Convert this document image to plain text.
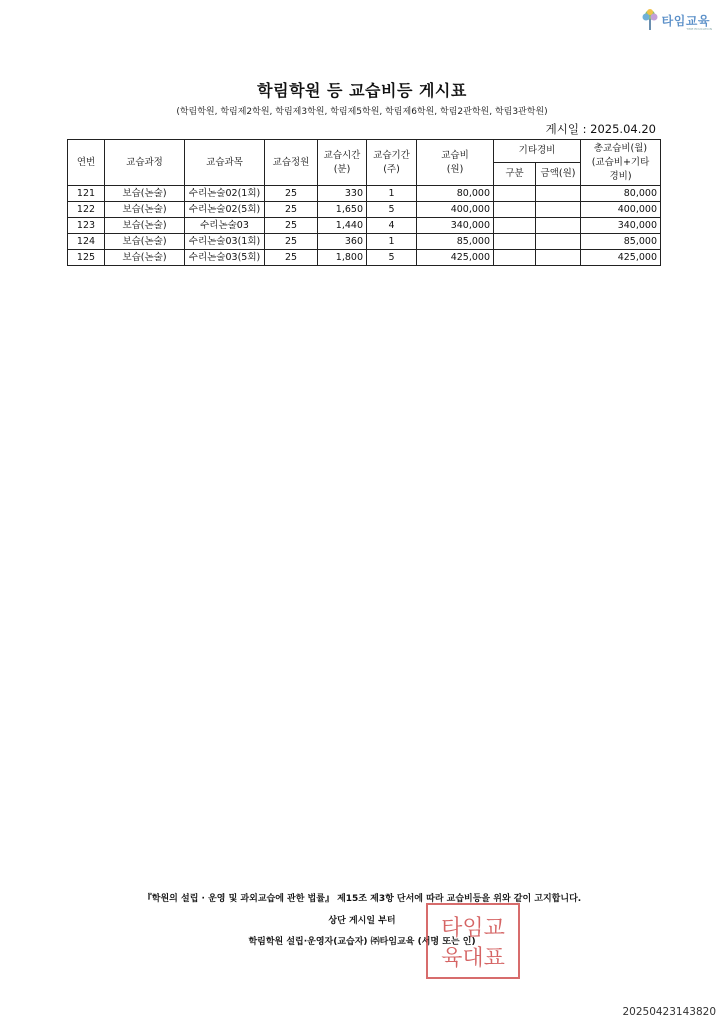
타임교육
TIME EDUCATION
학림학원 등 교습비등 게시표
(학림학원, 학림제2학원, 학림제3학원, 학림제5학원, 학림제6학원, 학림2관학원, 학림3관학원)
게시일 : 2025.04.20
연번	교습과정	교습과목	교습정원	교습시간
(분)	교습기간
(주)	교습비
(원)	기타경비		총교습비(월)
(교습비+기타
경비)
							구분	금액(원)	
121	보습(논술)	수리논술02(1회)	25	330	1	80,000			80,000
122	보습(논술)	수리논술02(5회)	25	1,650	5	400,000			400,000
123	보습(논술)	수리논술03	25	1,440	4	340,000			340,000
124	보습(논술)	수리논술03(1회)	25	360	1	85,000			85,000
125	보습(논술)	수리논술03(5회)	25	1,800	5	425,000			425,000
『학원의 설립 · 운영 및 과외교습에 관한 법률』 제15조 제3항 단서에 따라 교습비등을 위와 같이 고지합니다.
상단 게시일 부터
학림학원 설립·운영자(교습자) ㈜타임교육 (서명 또는 인)
타임교
육대표
20250423143820
